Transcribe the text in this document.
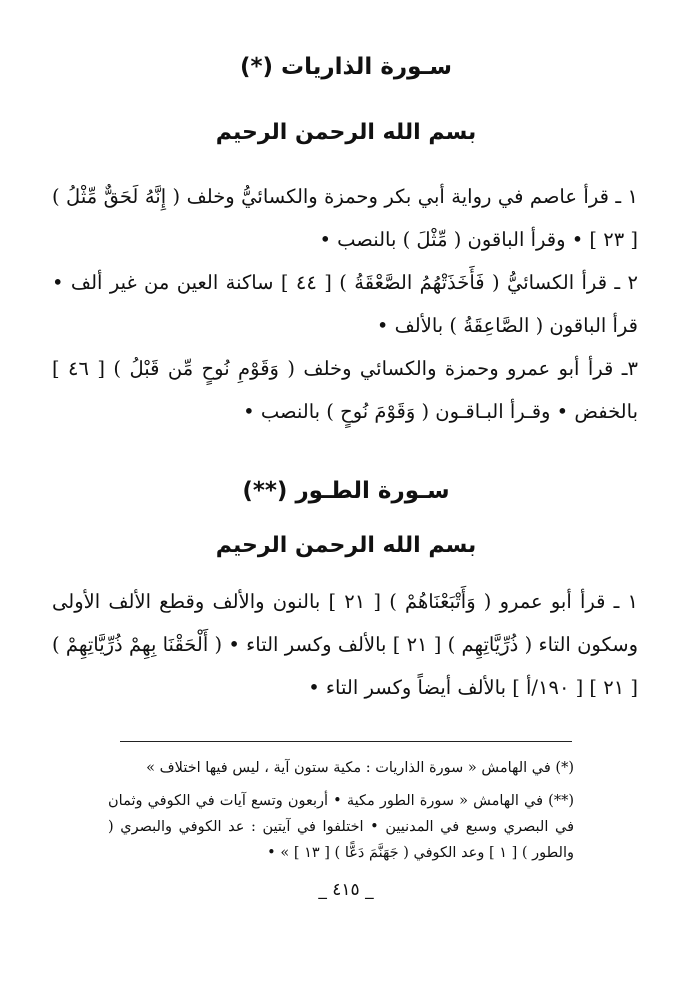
سـورة الذاريات (*)
بسم الله الرحمن الرحيم
١ ـ قرأ عاصم في رواية أبي بكر وحمزة والكسائيُّ وخلف ( إِنَّهُ لَحَقٌّ مِّثْلُ ) [ ٢٣ ] • وقرأ الباقون ( مِّثْلَ ) بالنصب •
٢ ـ قرأ الكسائيُّ ( فَأَخَذَتْهُمُ الصَّعْقَةُ ) [ ٤٤ ] ساكنة العين من غير ألف • قرأ الباقون ( الصَّاعِقَةُ ) بالألف •
٣ـ قرأ أبو عمرو وحمزة والكسائي وخلف ( وَقَوْمِ نُوحٍ مِّن قَبْلُ ) [ ٤٦ ] بالخفض • وقـرأ البـاقـون ( وَقَوْمَ نُوحٍ ) بالنصب •
سـورة الطـور (**)
بسم الله الرحمن الرحيم
١ ـ قرأ أبو عمرو ( وَأَتْبَعْنَاهُمْ ) [ ٢١ ] بالنون والألف وقطع الألف الأولى وسكون التاء ( ذُرِّيَّاتِهِم ) [ ٢١ ] بالألف وكسر التاء • ( أَلْحَقْنَا بِهِمْ ذُرِّيَّاتِهِمْ ) [ ٢١ ] [ ١٩٠/أ ] بالألف أيضاً وكسر التاء •
(*) في الهامش « سورة الذاريات : مكية ستون آية ، ليس فيها اختلاف »
(**) في الهامش « سورة الطور مكية • أربعون وتسع آيات في الكوفي وثمان في البصري وسبع في المدنيين • اختلفوا في آيتين : عد الكوفي والبصري ( والطور ) [ ١ ] وعد الكوفي ( جَهَنَّمَ دَعًّا ) [ ١٣ ] » •
_ ٤١٥ _
